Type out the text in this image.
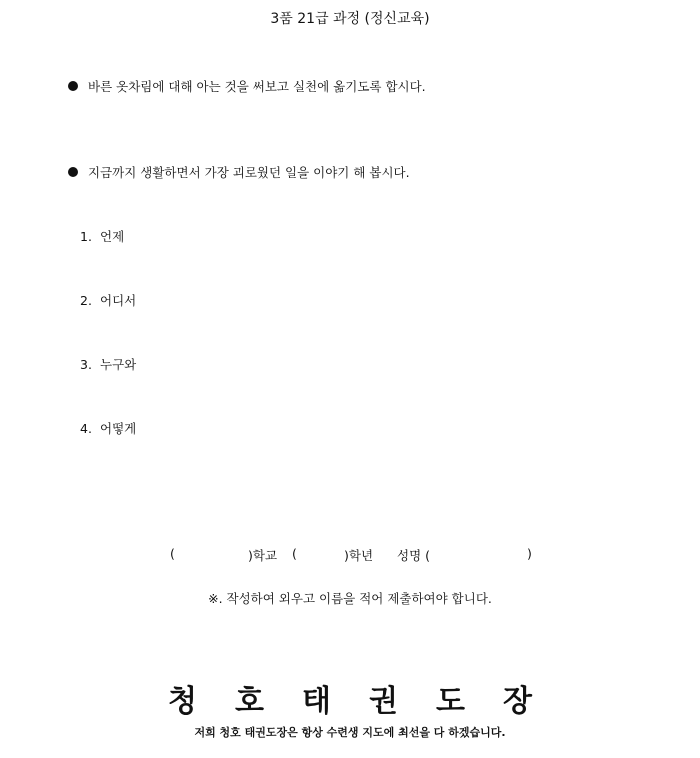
3품 21급 과정 (정신교육)
바른 옷차림에 대해 아는 것을 써보고 실천에 옮기도록 합시다.
지금까지 생활하면서 가장 괴로웠던 일을 이야기 해 봅시다.
1. 언제
2. 어디서
3. 누구와
4. 어떻게
(	)학교 (	)학년 성명 (	)
※. 작성하여 외우고 이름을 적어 제출하여야 합니다.
청호태권도장
저희 청호 태권도장은 항상 수련생 지도에 최선을 다 하겠습니다.
